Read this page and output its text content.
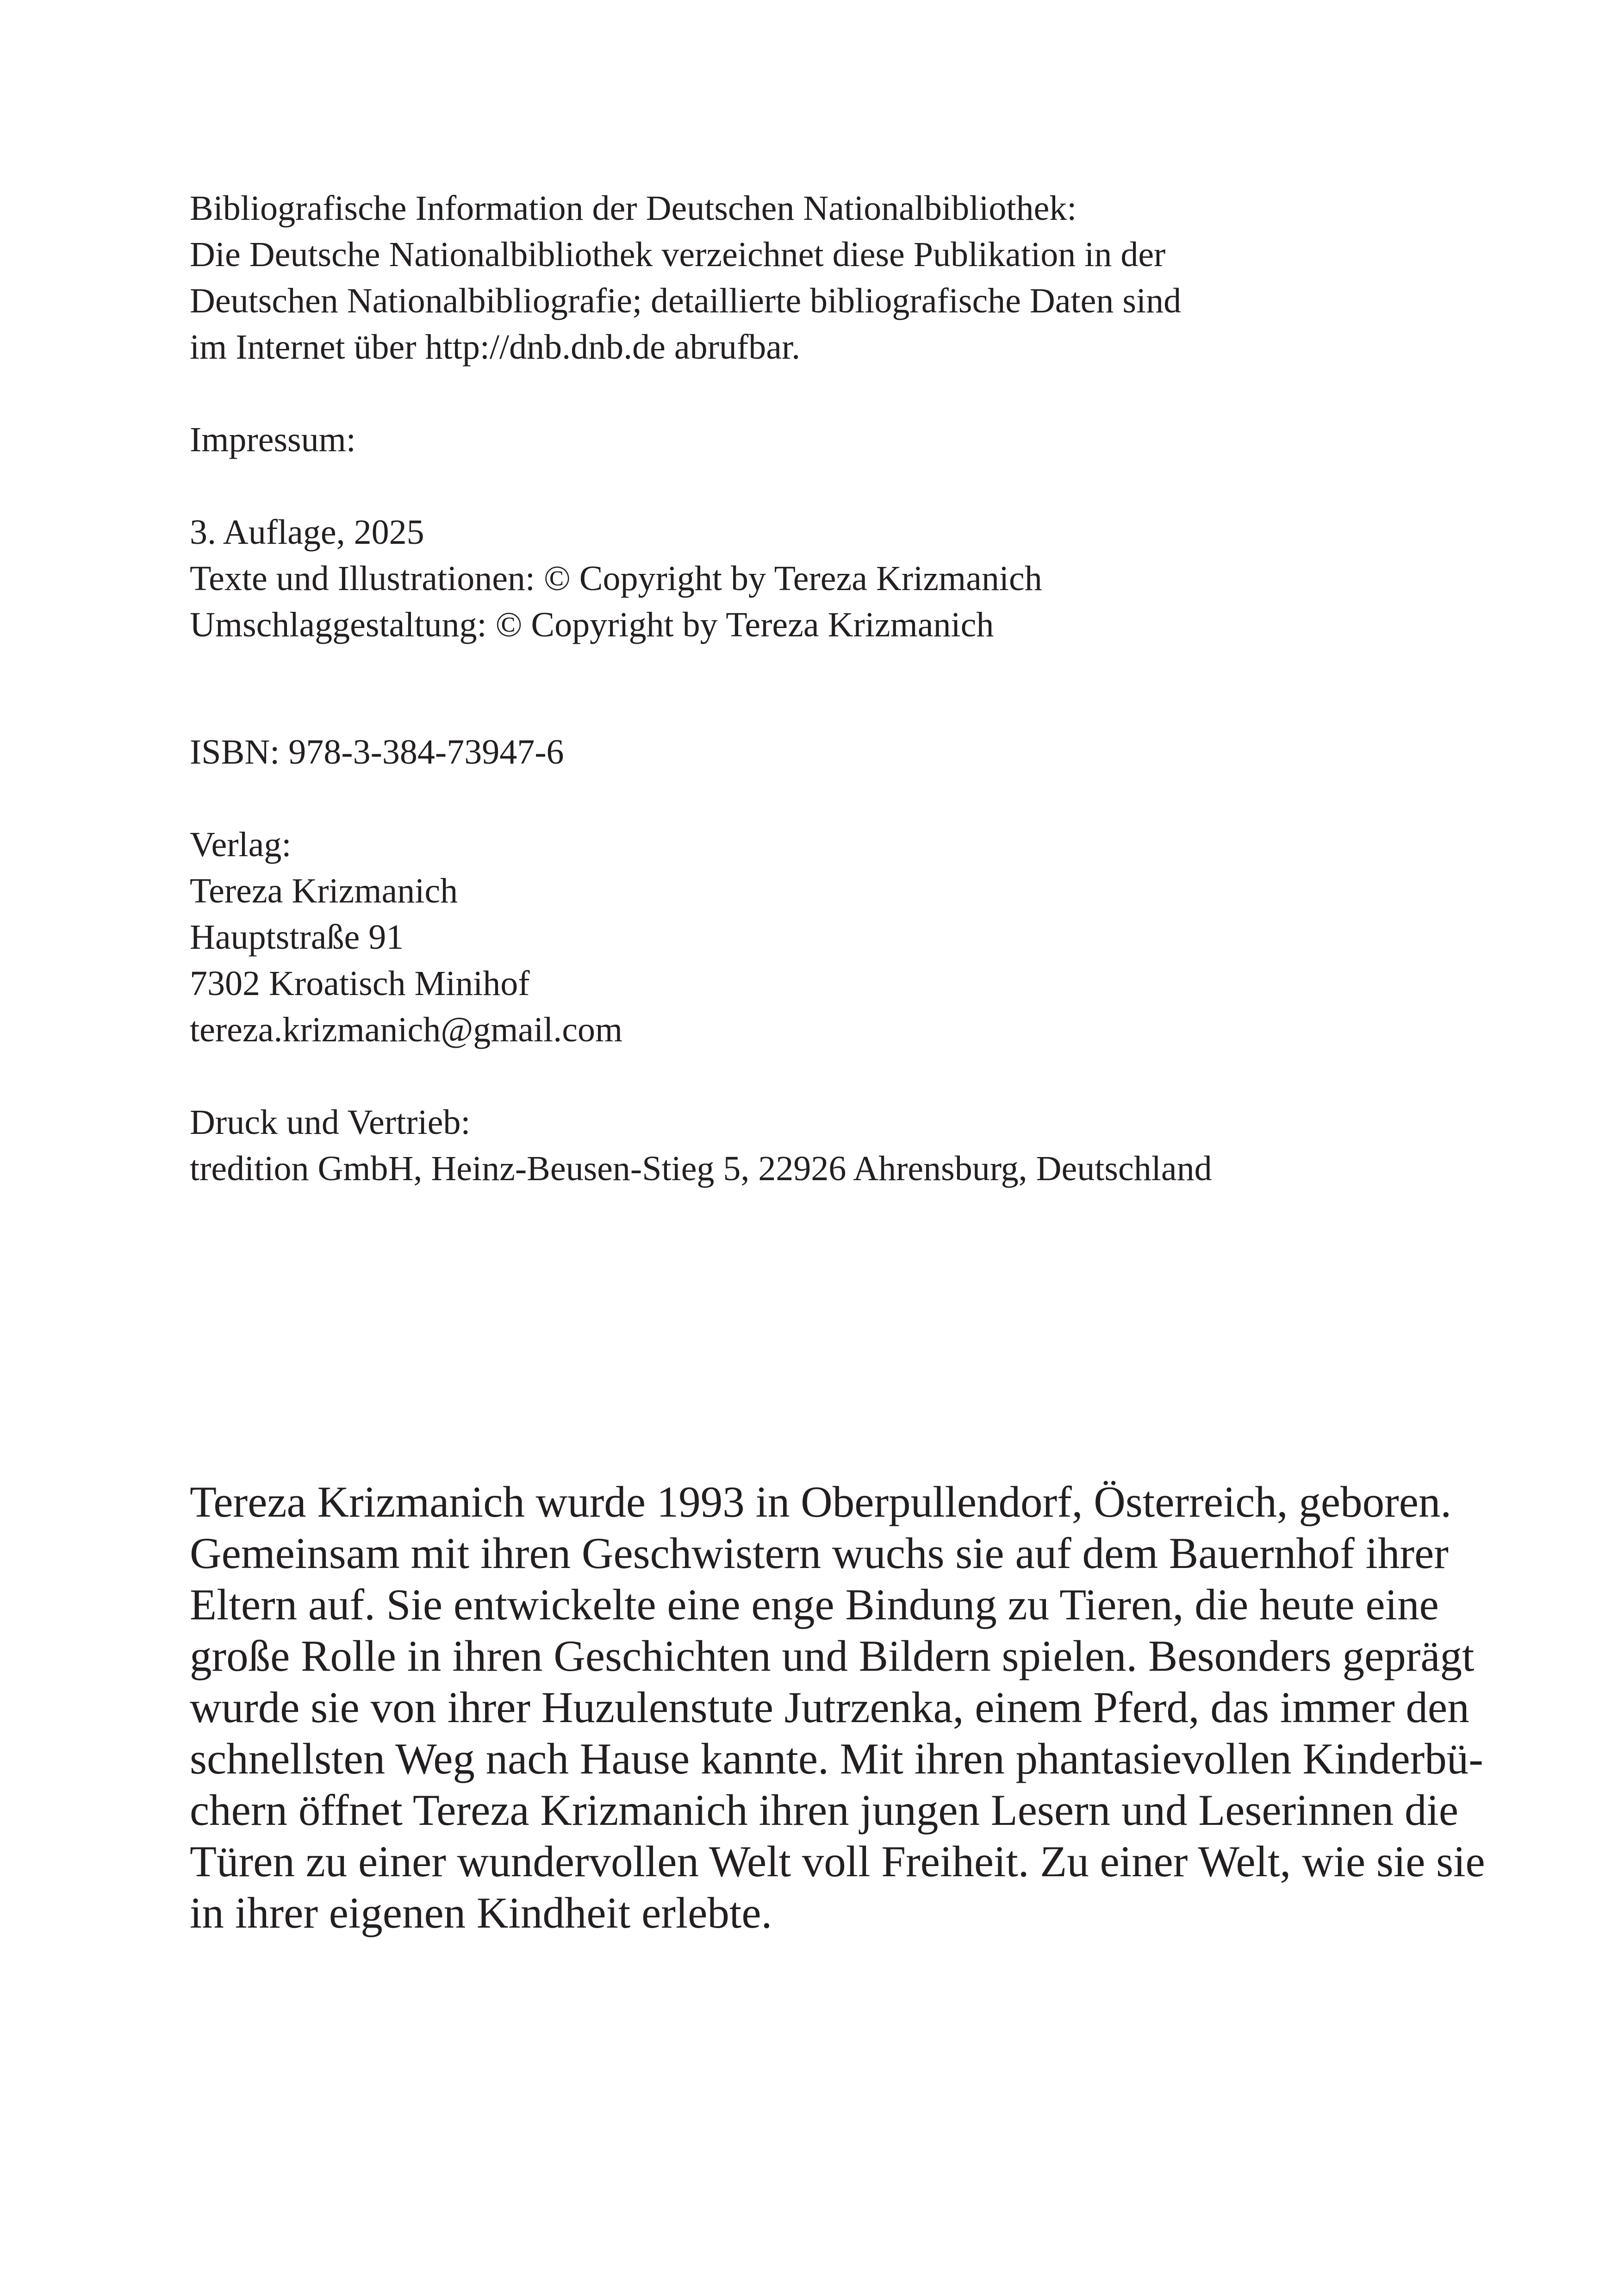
Bibliografische Information der Deutschen Nationalbibliothek:
Die Deutsche Nationalbibliothek verzeichnet diese Publikation in der
Deutschen Nationalbibliografie; detaillierte bibliografische Daten sind
im Internet über http://dnb.dnb.de abrufbar.
Impressum:
3. Auflage, 2025
Texte und Illustrationen: © Copyright by Tereza Krizmanich
Umschlaggestaltung: © Copyright by Tereza Krizmanich
ISBN: 978-3-384-73947-6
Verlag:
Tereza Krizmanich
Hauptstraße 91
7302 Kroatisch Minihof
tereza.krizmanich@gmail.com
Druck und Vertrieb:
tredition GmbH, Heinz-Beusen-Stieg 5, 22926 Ahrensburg, Deutschland
Tereza Krizmanich wurde 1993 in Oberpullendorf, Österreich, geboren.
Gemeinsam mit ihren Geschwistern wuchs sie auf dem Bauernhof ihrer
Eltern auf. Sie entwickelte eine enge Bindung zu Tieren, die heute eine
große Rolle in ihren Geschichten und Bildern spielen. Besonders geprägt
wurde sie von ihrer Huzulenstute Jutrzenka, einem Pferd, das immer den
schnellsten Weg nach Hause kannte. Mit ihren phantasievollen Kinderbü-
chern öffnet Tereza Krizmanich ihren jungen Lesern und Leserinnen die
Türen zu einer wundervollen Welt voll Freiheit. Zu einer Welt, wie sie sie
in ihrer eigenen Kindheit erlebte.
